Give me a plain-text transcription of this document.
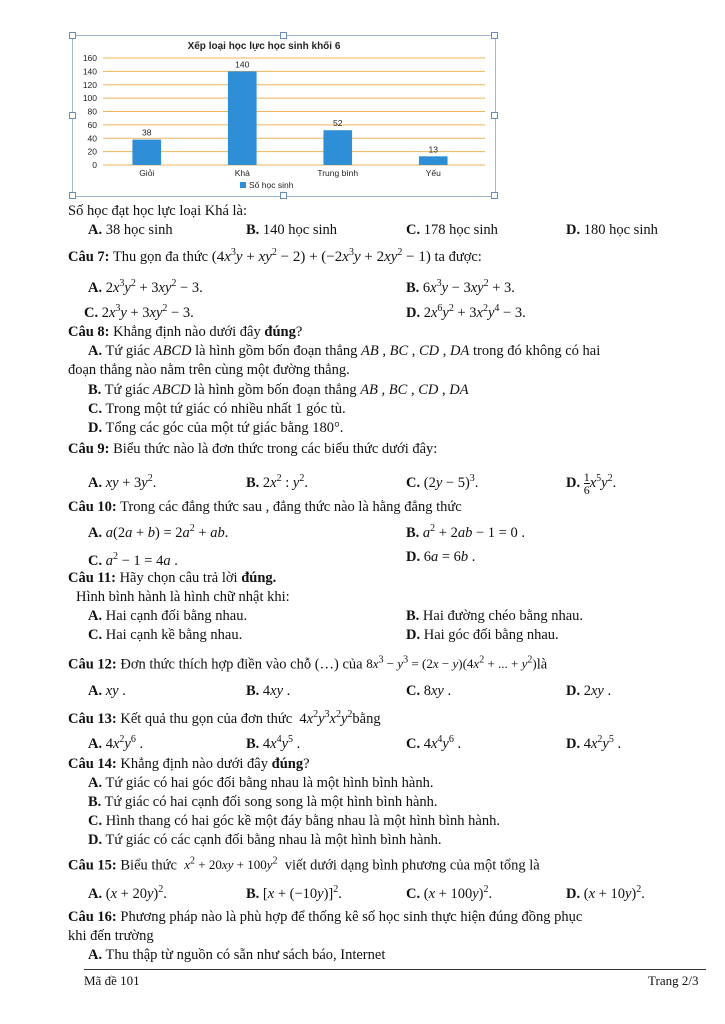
Xếp loại học lực học sinh khối 6
0
20
40
60
80
100
120
140
160
38
Giỏi
140
Khá
52
Trung bình
13
Yếu
Số học sinh
Số học đạt học lực loại Khá là:
A. 38 học sinh	B. 140 học sinh	C. 178 học sinh	D. 180 học sinh
Câu 7: Thu gọn đa thức $(4x^3y + xy^2 - 2) + (-2x^3y + 2xy^2 - 1)$ ta được:
A. $2x^3y^2 + 3xy^2 - 3$.	B. $6x^3y - 3xy^2 + 3$.
C. $2x^3y + 3xy^2 - 3$.	D. $2x^6y^2 + 3x^2y^4 - 3$.
Câu 8: Khẳng định nào dưới đây đúng?
A. Tứ giác ABCD là hình gồm bốn đoạn thẳng AB , BC , CD , DA trong đó không có hai
đoạn thẳng nào nằm trên cùng một đường thẳng.
B. Tứ giác ABCD là hình gồm bốn đoạn thẳng AB , BC , CD , DA
C. Trong một tứ giác có nhiều nhất 1 góc tù.
D. Tổng các góc của một tứ giác bằng 180°.
Câu 9: Biểu thức nào là đơn thức trong các biểu thức dưới đây:
A. xy + $3y^2$.	B. $2x^2$ : $y^2$.	C. $(2y - 5)^3$.	D. $\frac{1}{6} x^5y^2$.
Câu 10: Trong các đẳng thức sau , đẳng thức nào là hằng đẳng thức
A. $a(2a + b) = 2a^2$ + ab.	B. $a^2 + 2ab - 1 = 0$ .
C. $a^2 - 1 = 4a$ .	D. 6a = 6b .
Câu 11: Hãy chọn câu trả lời đúng.
Hình bình hành là hình chữ nhật khi:
A. Hai cạnh đối bằng nhau.	B. Hai đường chéo bằng nhau.
C. Hai cạnh kề bằng nhau.	D. Hai góc đối bằng nhau.
Câu 12: Đơn thức thích hợp điền vào chỗ (…) của $8x^3 - y^3 = (2x - y)(4x^2$ + ... + $y^2)là$
A. xy .	B. 4xy .	C. 8xy .	D. 2xy .
Câu 13: Kết quả thu gọn của đơn thức  $4x^2y^3x^2y^2bằng$
A. $4x^2y^6$ .	B. $4x^4y^5$ .	C. $4x^4y^6$ .	D. $4x^2y^5$ .
Câu 14: Khẳng định nào dưới đây đúng?
A. Tứ giác có hai góc đối bằng nhau là một hình bình hành.
B. Tứ giác có hai cạnh đối song song là một hình bình hành.
C. Hình thang có hai góc kề một đáy bằng nhau là một hình bình hành.
D. Tứ giác có các cạnh đối bằng nhau là một hình bình hành.
Câu 15: Biểu thức $x^2 + 20xy + 100y^2$ viết dưới dạng bình phương của một tổng là
A. $(x + 20y)^2$.	B. $[x + (-10y)]^2$.	C. $(x + 100y)^2$.	D. $(x + 10y)^2$.
Câu 16: Phương pháp nào là phù hợp để thống kê số học sinh thực hiện đúng đồng phục
khi đến trường
A. Thu thập từ nguồn có sẵn như sách báo, Internet
Mã đề 101	Trang 2/3
